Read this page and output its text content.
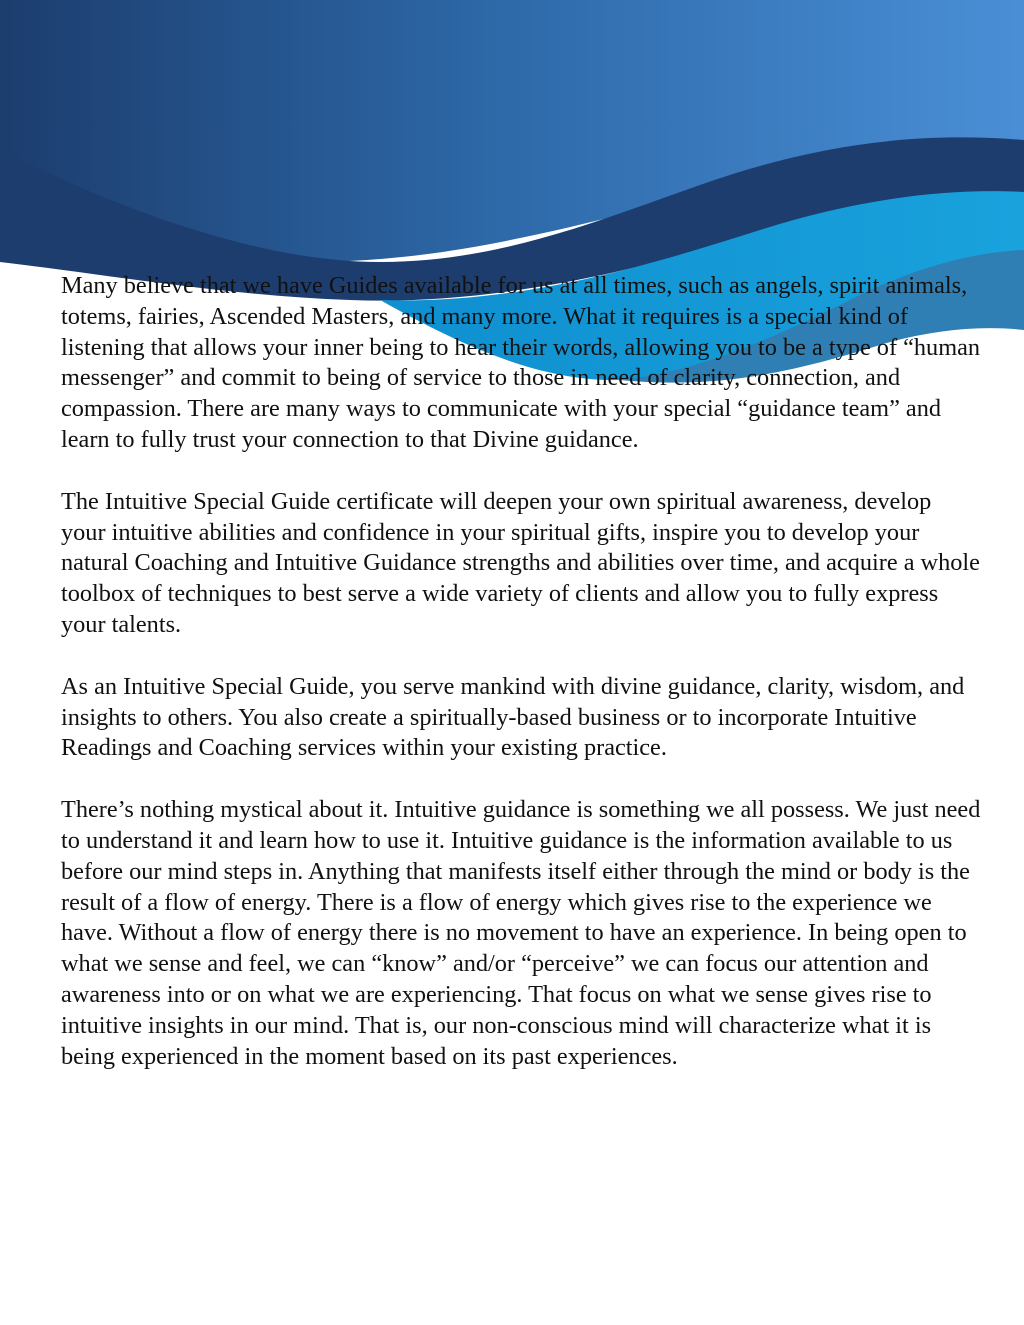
Many believe that we have Guides available for us at all times, such as angels, spirit animals, totems, fairies, Ascended Masters, and many more. What it requires is a special kind of listening that allows your inner being to hear their words, allowing you to be a type of “human messenger” and commit to being of service to those in need of clarity, connection, and compassion. There are many ways to communicate with your special “guidance team” and learn to fully trust your connection to that Divine guidance.

The Intuitive Special Guide certificate will deepen your own spiritual awareness, develop your intuitive abilities and confidence in your spiritual gifts, inspire you to develop your natural Coaching and Intuitive Guidance strengths and abilities over time, and acquire a whole toolbox of techniques to best serve a wide variety of clients and allow you to fully express your talents.

As an Intuitive Special Guide, you serve mankind with divine guidance, clarity, wisdom, and insights to others. You also create a spiritually-based business or to incorporate Intuitive Readings and Coaching services within your existing practice.

There’s nothing mystical about it. Intuitive guidance is something we all possess. We just need to understand it and learn how to use it. Intuitive guidance is the information available to us before our mind steps in. Anything that manifests itself either through the mind or body is the result of a flow of energy. There is a flow of energy which gives rise to the experience we have. Without a flow of energy there is no movement to have an experience. In being open to what we sense and feel, we can “know” and/or “perceive” we can focus our attention and awareness into or on what we are experiencing. That focus on what we sense gives rise to intuitive insights in our mind. That is, our non-conscious mind will characterize what it is being experienced in the moment based on its past experiences.
